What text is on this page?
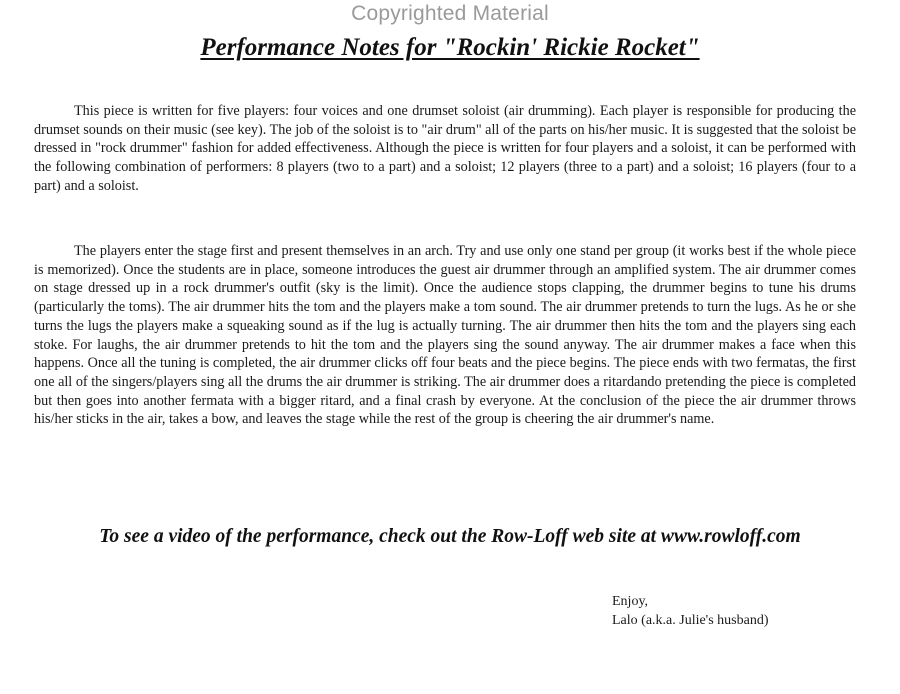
Copyrighted Material
Performance Notes for "Rockin' Rickie Rocket"

This piece is written for five players: four voices and one drumset soloist (air drumming). Each player is responsible for producing the drumset sounds on their music (see key). The job of the soloist is to "air drum" all of the parts on his/her music. It is suggested that the soloist be dressed in "rock drummer" fashion for added effectiveness. Although the piece is written for four players and a soloist, it can be performed with the following combination of performers: 8 players (two to a part) and a soloist; 12 players (three to a part) and a soloist; 16 players (four to a part) and a soloist.

The players enter the stage first and present themselves in an arch. Try and use only one stand per group (it works best if the whole piece is memorized). Once the students are in place, someone introduces the guest air drummer through an amplified system. The air drummer comes on stage dressed up in a rock drummer's outfit (sky is the limit). Once the audience stops clapping, the drummer begins to tune his drums (particularly the toms). The air drummer hits the tom and the players make a tom sound. The air drummer pretends to turn the lugs. As he or she turns the lugs the players make a squeaking sound as if the lug is actually turning. The air drummer then hits the tom and the players sing each stoke. For laughs, the air drummer pretends to hit the tom and the players sing the sound anyway. The air drummer makes a face when this happens. Once all the tuning is completed, the air drummer clicks off four beats and the piece begins. The piece ends with two fermatas, the first one all of the singers/players sing all the drums the air drummer is striking. The air drummer does a ritardando pretending the piece is completed but then goes into another fermata with a bigger ritard, and a final crash by everyone. At the conclusion of the piece the air drummer throws his/her sticks in the air, takes a bow, and leaves the stage while the rest of the group is cheering the air drummer's name.

To see a video of the performance, check out the Row-Loff web site at www.rowloff.com
Enjoy,
Lalo (a.k.a. Julie's husband)
